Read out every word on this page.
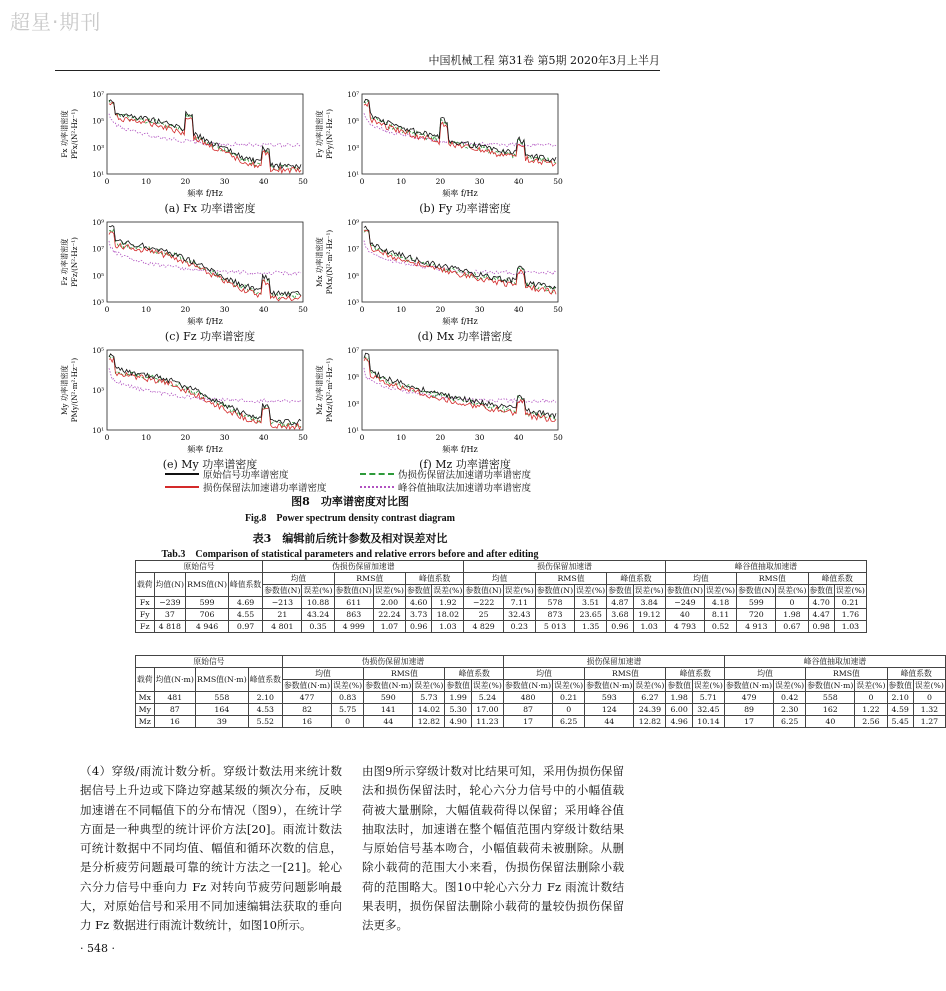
超星·期刊
中国机械工程 第31卷 第5期 2020年3月上半月
10⁷
10⁵
10³
10¹
0	10	20	30	40	50
频率 f/Hz
Fx 功率谱密度 PFx/(N²·Hz⁻¹)
(a) Fx 功率谱密度
10⁷
10⁵
10³
10¹
0	10	20	30	40	50
频率 f/Hz
Fy 功率谱密度 PFy/(N²·Hz⁻¹)
(b) Fy 功率谱密度
10⁹
10⁷
10⁵
10³
0	10	20	30	40	50
频率 f/Hz
Fz 功率谱密度 PFz/(N²·Hz⁻¹)
(c) Fz 功率谱密度
10⁹
10⁷
10⁵
10³
0	10	20	30	40	50
频率 f/Hz
Mx 功率谱密度 PMx/(N²·m²·Hz⁻¹)
(d) Mx 功率谱密度
10⁵
10³
10¹
0	10	20	30	40	50
频率 f/Hz
My 功率谱密度 PMy/(N²·m²·Hz⁻¹)
(e) My 功率谱密度
10⁷
10⁵
10³
10¹
0	10	20	30	40	50
频率 f/Hz
Mz 功率谱密度 PMz/(N²·m²·Hz⁻¹)
(f) Mz 功率谱密度
原始信号功率谱密度	伪损伤保留法加速谱功率谱密度
损伤保留法加速谱功率谱密度	峰谷值抽取法加速谱功率谱密度
图8　功率谱密度对比图
Fig.8　Power spectrum density contrast diagram
表3　编辑前后统计参数及相对误差对比
Tab.3　Comparison of statistical parameters and relative errors before and after editing
原始信号				伪损伤保留加速谱						损伤保留加速谱						峰谷值抽取加速谱					
载荷	均值(N)	RMS值(N)	峰值系数	均值		RMS值		峰值系数		均值		RMS值		峰值系数		均值		RMS值		峰值系数	
				参数值(N)	误差(%)	参数值(N)	误差(%)	参数值	误差(%)	参数值(N)	误差(%)	参数值(N)	误差(%)	参数值	误差(%)	参数值(N)	误差(%)	参数值(N)	误差(%)	参数值	误差(%)
Fx	−239	599	4.69	−213	10.88	611	2.00	4.60	1.92	−222	7.11	578	3.51	4.87	3.84	−249	4.18	599	0	4.70	0.21
Fy	37	706	4.55	21	43.24	863	22.24	3.73	18.02	25	32.43	873	23.65	3.68	19.12	40	8.11	720	1.98	4.47	1.76
Fz	4 818	4 946	0.97	4 801	0.35	4 999	1.07	0.96	1.03	4 829	0.23	5 013	1.35	0.96	1.03	4 793	0.52	4 913	0.67	0.98	1.03
原始信号				伪损伤保留加速谱						损伤保留加速谱						峰谷值抽取加速谱					
载荷	均值(N·m)	RMS值(N·m)	峰值系数	均值		RMS值		峰值系数		均值		RMS值		峰值系数		均值		RMS值		峰值系数	
				参数值(N·m)	误差(%)	参数值(N·m)	误差(%)	参数值	误差(%)	参数值(N·m)	误差(%)	参数值(N·m)	误差(%)	参数值	误差(%)	参数值(N·m)	误差(%)	参数值(N·m)	误差(%)	参数值	误差(%)
Mx	481	558	2.10	477	0.83	590	5.73	1.99	5.24	480	0.21	593	6.27	1.98	5.71	479	0.42	558	0	2.10	0
My	87	164	4.53	82	5.75	141	14.02	5.30	17.00	87	0	124	24.39	6.00	32.45	89	2.30	162	1.22	4.59	1.32
Mz	16	39	5.52	16	0	44	12.82	4.90	11.23	17	6.25	44	12.82	4.96	10.14	17	6.25	40	2.56	5.45	1.27
（4）穿级/雨流计数分析。穿级计数法用来统计数据信号上升边或下降边穿越某级的频次分布，反映加速谱在不同幅值下的分布情况（图9），在统计学方面是一种典型的统计评价方法[20]。雨流计数法可统计数据中不同均值、幅值和循环次数的信息，是分析疲劳问题最可靠的统计方法之一[21]。轮心六分力信号中垂向力 Fz 对转向节疲劳问题影响最大，对原始信号和采用不同加速编辑法获取的垂向力 Fz 数据进行雨流计数统计，如图10所示。
由图9所示穿级计数对比结果可知，采用伪损伤保留法和损伤保留法时，轮心六分力信号中的小幅值载荷被大量删除，大幅值载荷得以保留；采用峰谷值抽取法时，加速谱在整个幅值范围内穿级计数结果与原始信号基本吻合，小幅值载荷未被删除。从删除小载荷的范围大小来看，伪损伤保留法删除小载荷的范围略大。图10中轮心六分力 Fz 雨流计数结果表明，损伤保留法删除小载荷的量较伪损伤保留法更多。
· 548 ·
